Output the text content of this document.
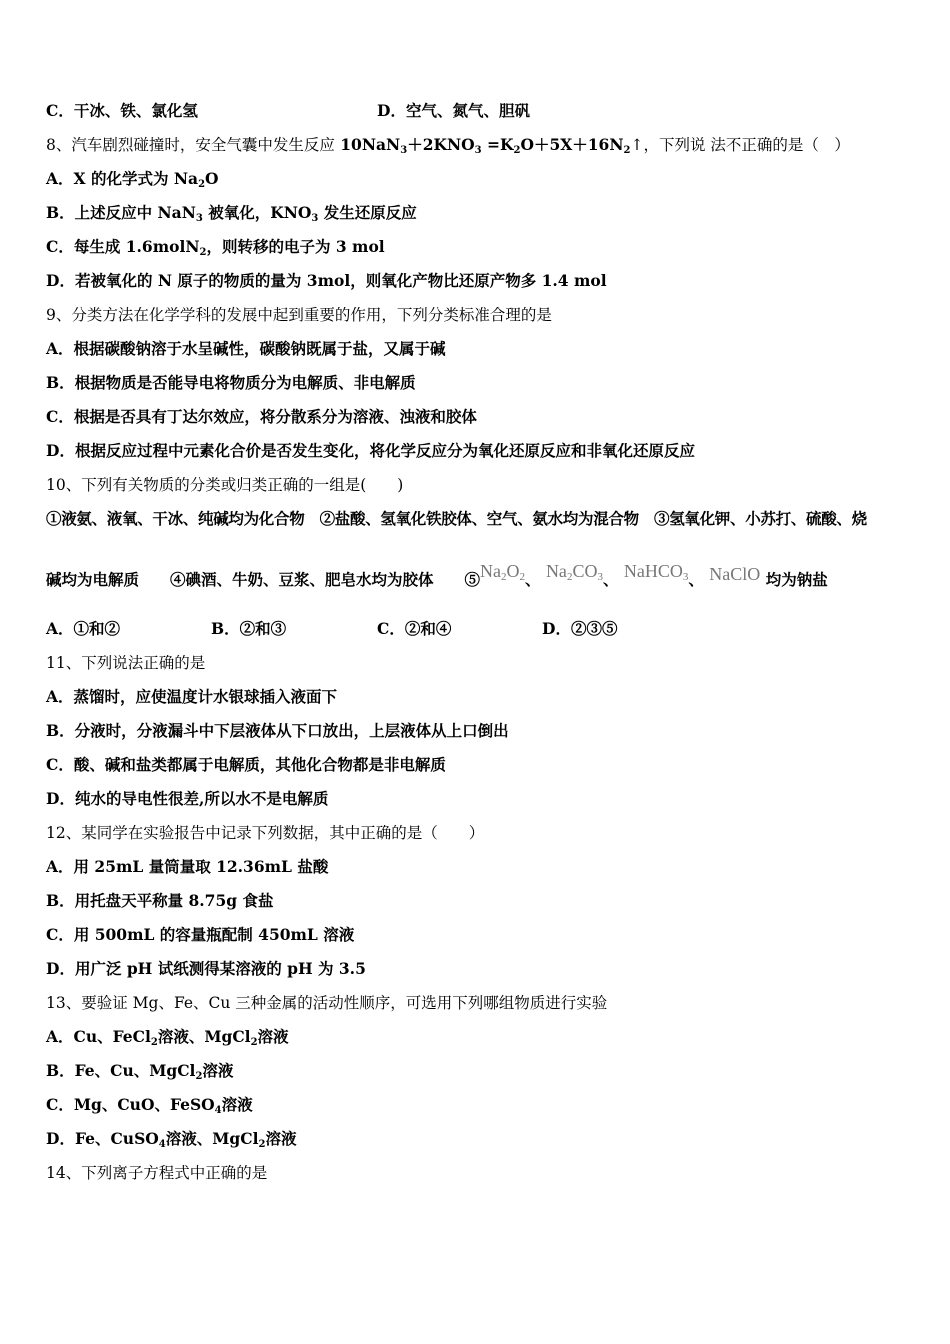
C．干冰、铁、氯化氢	D．空气、氮气、胆矾
8、汽车剧烈碰撞时，安全气囊中发生反应 $10NaN_3+2KNO_3$ $=K_2O+5X+16N_2↑$，下列说 法不正确的是（　）
A．X 的化学式为 $Na_2O$
B．上述反应中 NaN$_3$ 被氧化，$KNO_3$ 发生还原反应
C．每生成 1.6molN$_2$，则转移的电子为 3 mol
D．若被氧化的 N 原子的物质的量为 3mol，则氧化产物比还原产物多 1.4 mol
9、分类方法在化学学科的发展中起到重要的作用，下列分类标准合理的是
A．根据碳酸钠溶于水呈碱性，碳酸钠既属于盐，又属于碱
B．根据物质是否能导电将物质分为电解质、非电解质
C．根据是否具有丁达尔效应，将分散系分为溶液、浊液和胶体
D．根据反应过程中元素化合价是否发生变化，将化学反应分为氧化还原反应和非氧化还原反应
10、下列有关物质的分类或归类正确的一组是(　　)
①液氨、液氧、干冰、纯碱均为化合物　②盐酸、氢氧化铁胶体、空气、氨水均为混合物　③氢氧化钾、小苏打、硫酸、烧
碱均为电解质　　④碘酒、牛奶、豆浆、肥皂水均为胶体　　$⑤Na_2O_2$、 $Na_2CO_3$、 NaHCO$_3$、 NaClO 均为钠盐
A．①和②	B．②和③	C．②和④	D．②③⑤
11、下列说法正确的是
A．蒸馏时，应使温度计水银球插入液面下
B．分液时，分液漏斗中下层液体从下口放出，上层液体从上口倒出
C．酸、碱和盐类都属于电解质，其他化合物都是非电解质
D．纯水的导电性很差,所以水不是电解质
12、某同学在实验报告中记录下列数据，其中正确的是（　　）
A．用 25mL 量筒量取 12.36mL 盐酸
B．用托盘天平称量 8.75g 食盐
C．用 500mL 的容量瓶配制 450mL 溶液
D．用广泛 pH 试纸测得某溶液的 pH 为 3.5
13、要验证 Mg、Fe、Cu 三种金属的活动性顺序，可选用下列哪组物质进行实验
A．Cu、FeCl$_2$溶液、MgCl$_2$溶液
B．Fe、Cu、MgCl$_2$溶液
C．Mg、CuO、FeSO$_4$溶液
D．Fe、CuSO$_4$溶液、MgCl$_2$溶液
14、下列离子方程式中正确的是
